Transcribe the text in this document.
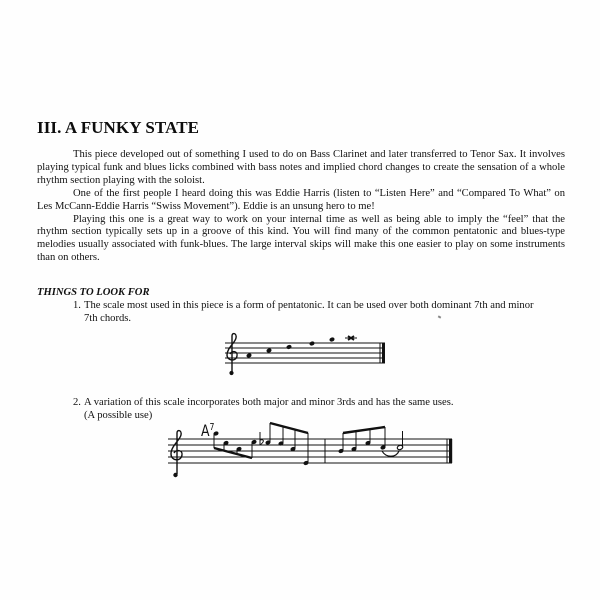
III. A FUNKY STATE

This piece developed out of something I used to do on Bass Clarinet and later transferred to Tenor Sax. It involves playing typical funk and blues licks combined with bass notes and implied chord changes to create the sensation of a whole rhythm section playing with the soloist.

One of the first people I heard doing this was Eddie Harris (listen to “Listen Here” and “Compared To What” on Les McCann-Eddie Harris “Swiss Movement”). Eddie is an unsung hero to me!

Playing this one is a great way to work on your internal time as well as being able to imply the “feel” that the rhythm section typically sets up in a groove of this kind. You will find many of the common pentatonic and blues-type melodies usually associated with funk-blues. The large interval skips will make this one easier to play on some instruments than on others.

THINGS TO LOOK FOR
1. The scale most used in this piece is a form of pentatonic. It can be used over both dominant 7th and minor
7th chords.
2. A variation of this scale incorporates both major and minor 3rds and has the same uses.
(A possible use)
$A^7$
